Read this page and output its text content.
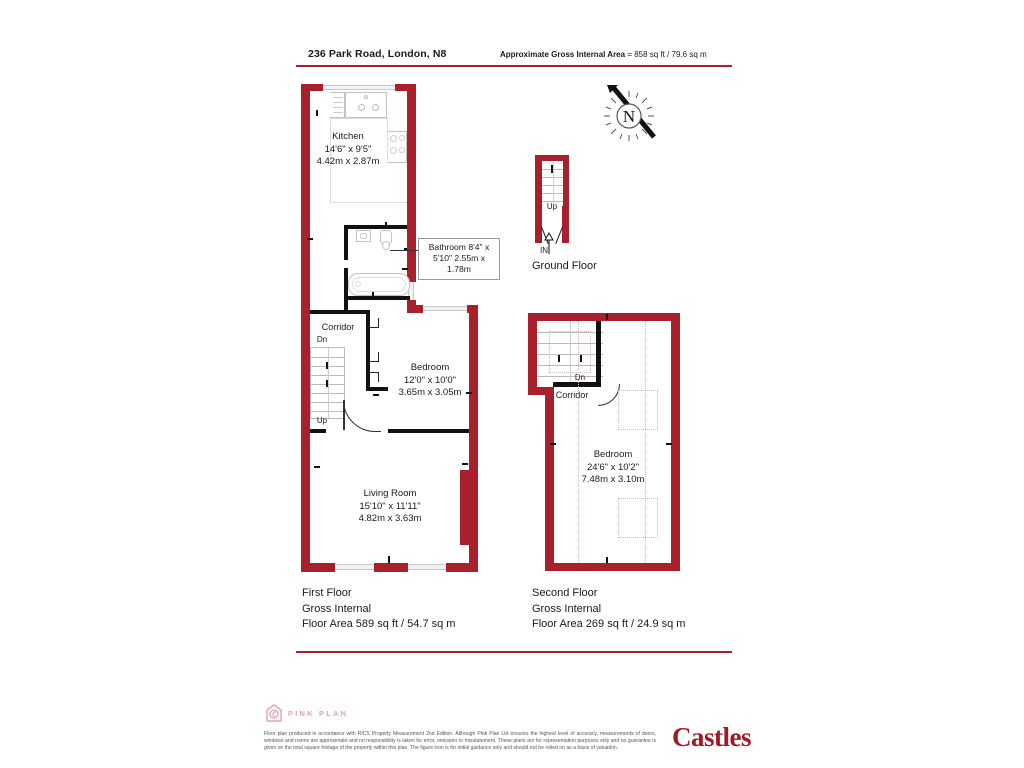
236 Park Road, London, N8	Approximate Gross Internal Area = 858 sq ft / 79.6 sq m
Kitchen
14'6" x 9'5"
4.42m x 2.87m
Bathroom 8'4" x 5'10" 2.55m x 1.78m
Corridor
Dn
Up
Bedroom
12'0" x 10'0"
3.65m x 3.05m
Living Room
15'10" x 11'11"
4.82m x 3.63m
Up
IN
Ground Floor
N
Dn
Corridor
Bedroom
24'6" x 10'2"
7.48m x 3.10m
First Floor
Gross Internal
Floor Area 589 sq ft / 54.7 sq m
Second Floor
Gross Internal
Floor Area 269 sq ft / 24.9 sq m
PINK PLAN
Floor plan produced in accordance with RICS Property Measurement 2nd Edition. Although Pink Plan Ltd ensures the highest level of accuracy, measurements of doors, windows and rooms are approximate and no responsibility is taken for error, omission or misstatement. These plans are for representation purposes only and no guarantee is given on the total square footage of the property within this plan. The figure icon is for initial guidance only and should not be relied on as a basis of valuation.	Castles
